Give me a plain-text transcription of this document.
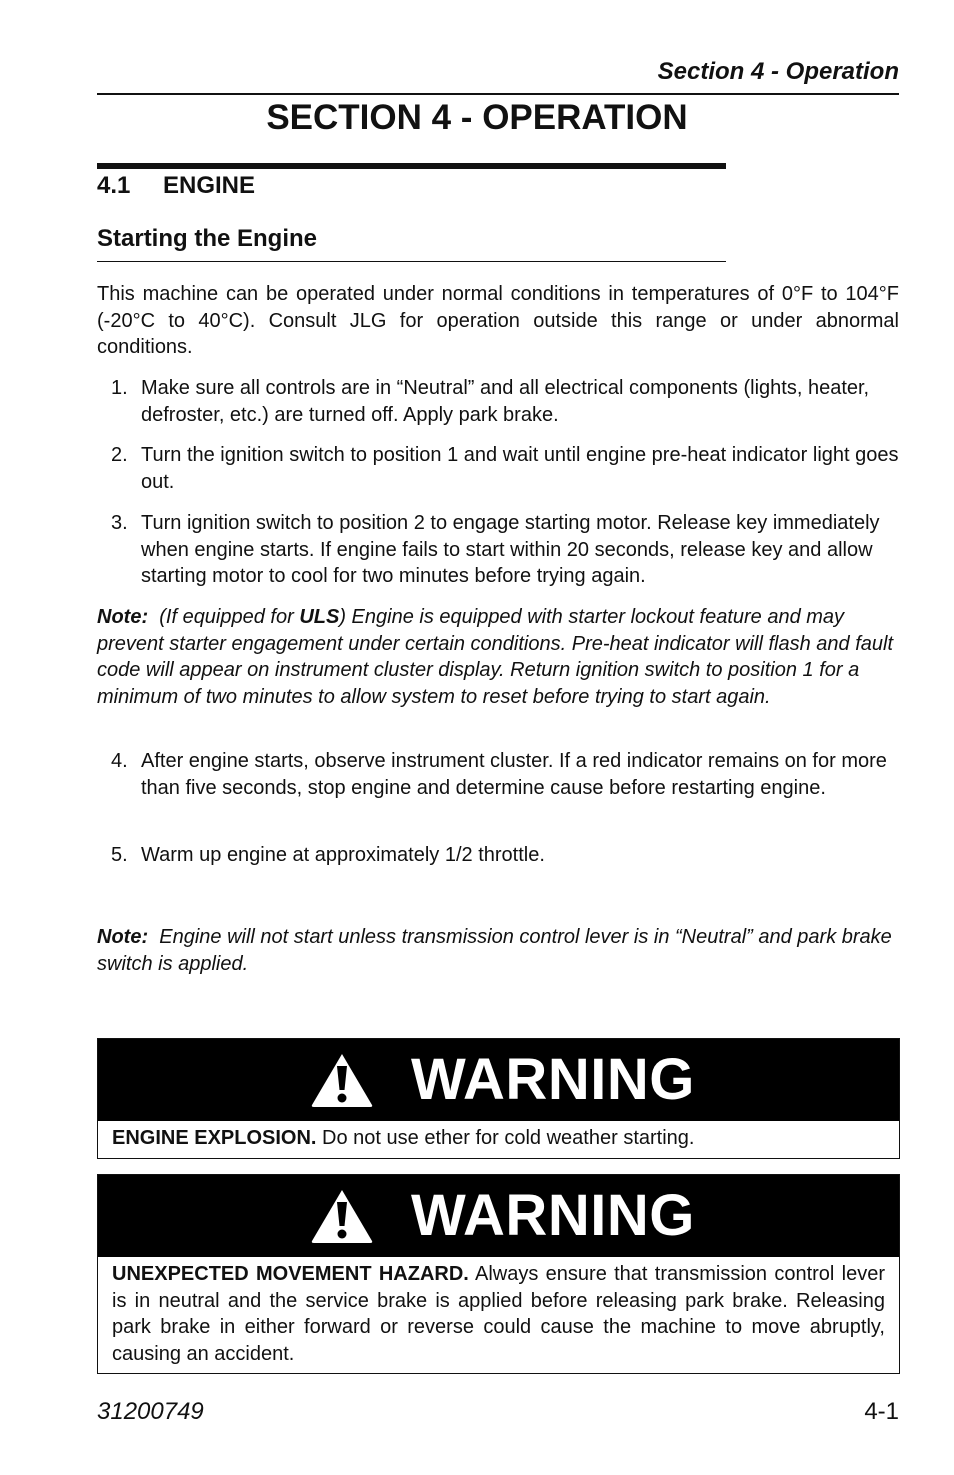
Section 4 - Operation
SECTION 4 - OPERATION
4.1 ENGINE
Starting the Engine
This machine can be operated under normal conditions in temperatures of 0°F to 104°F (-20°C to 40°C). Consult JLG for operation outside this range or under abnormal conditions.
1. Make sure all controls are in “Neutral” and all electrical components (lights, heater, defroster, etc.) are turned off. Apply park brake.
2. Turn the ignition switch to position 1 and wait until engine pre-heat indicator light goes out.
3. Turn ignition switch to position 2 to engage starting motor. Release key immediately when engine starts. If engine fails to start within 20 seconds, release key and allow starting motor to cool for two minutes before trying again.
Note: (If equipped for ULS) Engine is equipped with starter lockout feature and may prevent starter engagement under certain conditions. Pre-heat indicator will flash and fault code will appear on instrument cluster display. Return ignition switch to position 1 for a minimum of two minutes to allow system to reset before trying to start again.
4. After engine starts, observe instrument cluster. If a red indicator remains on for more than five seconds, stop engine and determine cause before restarting engine.
5. Warm up engine at approximately 1/2 throttle.
Note: Engine will not start unless transmission control lever is in “Neutral” and park brake switch is applied.
WARNING
ENGINE EXPLOSION. Do not use ether for cold weather starting.
WARNING
UNEXPECTED MOVEMENT HAZARD. Always ensure that transmission control lever is in neutral and the service brake is applied before releasing park brake. Releasing park brake in either forward or reverse could cause the machine to move abruptly, causing an accident.
31200749	4-1
